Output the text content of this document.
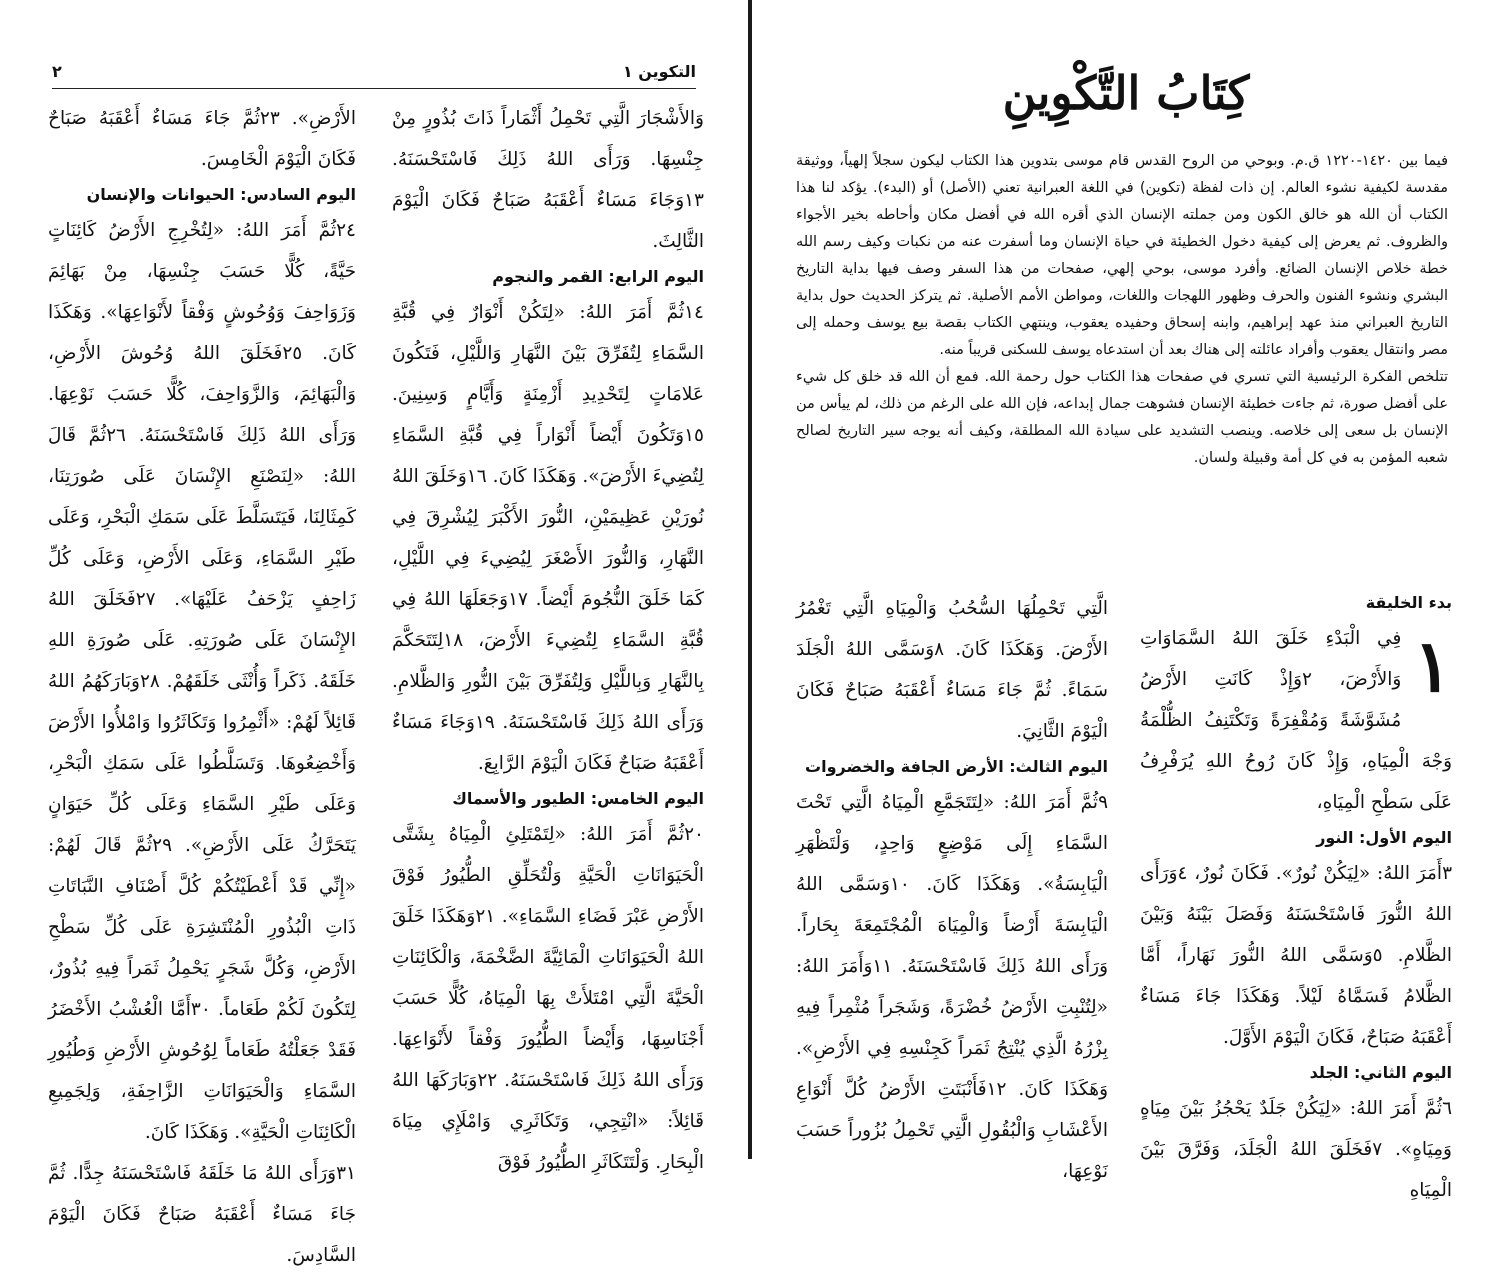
التكوين ١
٢

وَالأَشْجَارَ الَّتِي تَحْمِلُ أَثْمَاراً ذَاتَ بُذُورٍ مِنْ جِنْسِهَا. وَرَأَى اللهُ ذَلِكَ فَاسْتَحْسَنَهُ. ١٣وَجَاءَ مَسَاءٌ أَعْقَبَهُ صَبَاحٌ فَكَانَ الْيَوْمَ الثَّالِثَ.

اليوم الرابع: القمر والنجوم

١٤ثُمَّ أَمَرَ اللهُ: «لِتَكُنْ أَنْوَارٌ فِي قُبَّةِ السَّمَاءِ لِتُفَرِّقَ بَيْنَ النَّهَارِ وَاللَّيْلِ، فَتَكُونَ عَلامَاتٍ لِتَحْدِيدِ أَزْمِنَةٍ وَأَيَّامٍ وَسِنِينَ. ١٥وَتَكُونَ أَيْضاً أَنْوَاراً فِي قُبَّةِ السَّمَاءِ لِتُضِيءَ الأَرْضَ». وَهَكَذَا كَانَ. ١٦وَخَلَقَ اللهُ نُورَيْنِ عَظِيمَيْنِ، النُّورَ الأَكْبَرَ لِيُشْرِقَ فِي النَّهَارِ، وَالنُّورَ الأَصْغَرَ لِيُضِيءَ فِي اللَّيْلِ، كَمَا خَلَقَ النُّجُومَ أَيْضاً. ١٧وَجَعَلَهَا اللهُ فِي قُبَّةِ السَّمَاءِ لِتُضِيءَ الأَرْضَ، ١٨لِتَتَحَكَّمَ بِالنَّهَارِ وَبِاللَّيْلِ وَلِتُفَرِّقَ بَيْنَ النُّورِ وَالظَّلامِ. وَرَأَى اللهُ ذَلِكَ فَاسْتَحْسَنَهُ. ١٩وَجَاءَ مَسَاءٌ أَعْقَبَهُ صَبَاحٌ فَكَانَ الْيَوْمَ الرَّابِعَ.

اليوم الخامس: الطيور والأسماك

٢٠ثُمَّ أَمَرَ اللهُ: «لِتَمْتَلِئِ الْمِيَاهُ بِشَتَّى الْحَيَوَانَاتِ الْحَيَّةِ وَلْتُحَلِّقِ الطُّيُورُ فَوْقَ الأَرْضِ عَبْرَ فَضَاءِ السَّمَاءِ». ٢١وَهَكَذَا خَلَقَ اللهُ الْحَيَوَانَاتِ الْمَائِيَّةَ الضَّخْمَةَ، وَالْكَائِنَاتِ الْحَيَّةَ الَّتِي امْتَلأَتْ بِهَا الْمِيَاهُ، كُلًّا حَسَبَ أَجْنَاسِهَا، وَأَيْضاً الطُّيُورَ وَفْقاً لأَنْوَاعِهَا. وَرَأَى اللهُ ذَلِكَ فَاسْتَحْسَنَهُ. ٢٢وَبَارَكَهَا اللهُ قَائِلاً: «انْتِجِي، وَتَكَاثَرِي وَامْلَإِي مِيَاهَ الْبِحَارِ. وَلْتَتَكَاثَرِ الطُّيُورُ فَوْقَ

الأَرْضِ». ٢٣ثُمَّ جَاءَ مَسَاءٌ أَعْقَبَهُ صَبَاحٌ فَكَانَ الْيَوْمَ الْخَامِسَ.

اليوم السادس: الحيوانات والإنسان

٢٤ثُمَّ أَمَرَ اللهُ: «لِتُخْرِجِ الأَرْضُ كَائِنَاتٍ حَيَّةً، كُلًّا حَسَبَ جِنْسِهَا، مِنْ بَهَائِمَ وَزَوَاحِفَ وَوُحُوشٍ وَفْقاً لأَنْوَاعِهَا». وَهَكَذَا كَانَ. ٢٥فَخَلَقَ اللهُ وُحُوشَ الأَرْضِ، وَالْبَهَائِمَ، وَالزَّوَاحِفَ، كُلًّا حَسَبَ نَوْعِهَا. وَرَأَى اللهُ ذَلِكَ فَاسْتَحْسَنَهُ. ٢٦ثُمَّ قَالَ اللهُ: «لِنَصْنَعِ الإِنْسَانَ عَلَى صُورَتِنَا، كَمِثَالِنَا، فَيَتَسَلَّطَ عَلَى سَمَكِ الْبَحْرِ، وَعَلَى طَيْرِ السَّمَاءِ، وَعَلَى الأَرْضِ، وَعَلَى كُلِّ زَاحِفٍ يَزْحَفُ عَلَيْهَا». ٢٧فَخَلَقَ اللهُ الإِنْسَانَ عَلَى صُورَتِهِ. عَلَى صُورَةِ اللهِ خَلَقَهُ. ذَكَراً وَأُنْثَى خَلَقَهُمْ. ٢٨وَبَارَكَهُمُ اللهُ قَائِلاً لَهُمْ: «أَثْمِرُوا وَتَكَاثَرُوا وَامْلأُوا الأَرْضَ وَأَخْضِعُوهَا. وَتَسَلَّطُوا عَلَى سَمَكِ الْبَحْرِ، وَعَلَى طَيْرِ السَّمَاءِ وَعَلَى كُلِّ حَيَوَانٍ يَتَحَرَّكُ عَلَى الأَرْضِ». ٢٩ثُمَّ قَالَ لَهُمْ: «إِنِّي قَدْ أَعْطَيْتُكُمْ كُلَّ أَصْنَافِ النَّبَاتَاتِ ذَاتِ الْبُذُورِ الْمُنْتَشِرَةِ عَلَى كُلِّ سَطْحِ الأَرْضِ، وَكُلَّ شَجَرٍ يَحْمِلُ ثَمَراً فِيهِ بُذُورٌ، لِتَكُونَ لَكُمْ طَعَاماً. ٣٠أَمَّا الْعُشْبُ الأَخْضَرُ فَقَدْ جَعَلْتُهُ طَعَاماً لِوُحُوشِ الأَرْضِ وَطُيُورِ السَّمَاءِ وَالْحَيَوَانَاتِ الزَّاحِفَةِ، وَلِجَمِيعِ الْكَائِنَاتِ الْحَيَّةِ». وَهَكَذَا كَانَ.

٣١وَرَأَى اللهُ مَا خَلَقَهُ فَاسْتَحْسَنَهُ جِدًّا. ثُمَّ جَاءَ مَسَاءٌ أَعْقَبَهُ صَبَاحٌ فَكَانَ الْيَوْمَ السَّادِسَ.

كِتَابُ التَّكْوِينِ

فيما بين ١٤٢٠-١٢٢٠ ق.م. وبوحي من الروح القدس قام موسى بتدوين هذا الكتاب ليكون سجلاً إلهياً، ووثيقة مقدسة لكيفية نشوء العالم. إن ذات لفظة (تكوين) في اللغة العبرانية تعني (الأصل) أو (البدء). يؤكد لنا هذا الكتاب أن الله هو خالق الكون ومن جملته الإنسان الذي أقره الله في أفضل مكان وأحاطه بخير الأجواء والظروف. ثم يعرض إلى كيفية دخول الخطيئة في حياة الإنسان وما أسفرت عنه من نكبات وكيف رسم الله خطة خلاص الإنسان الضائع. وأفرد موسى، بوحي إلهي، صفحات من هذا السفر وصف فيها بداية التاريخ البشري ونشوء الفنون والحرف وظهور اللهجات واللغات، ومواطن الأمم الأصلية. ثم يتركز الحديث حول بداية التاريخ العبراني منذ عهد إبراهيم، وابنه إسحاق وحفيده يعقوب، وينتهي الكتاب بقصة بيع يوسف وحمله إلى مصر وانتقال يعقوب وأفراد عائلته إلى هناك بعد أن استدعاه يوسف للسكنى قريباً منه.

تتلخص الفكرة الرئيسية التي تسري في صفحات هذا الكتاب حول رحمة الله. فمع أن الله قد خلق كل شيء على أفضل صورة، ثم جاءت خطيئة الإنسان فشوهت جمال إبداعه، فإن الله على الرغم من ذلك، لم ييأس من الإنسان بل سعى إلى خلاصه. وينصب التشديد على سيادة الله المطلقة، وكيف أنه يوجه سير التاريخ لصالح شعبه المؤمن به في كل أمة وقبيلة ولسان.

بدء الخليقة

١

فِي الْبَدْءِ خَلَقَ اللهُ السَّمَاوَاتِ وَالأَرْضَ، ٢وَإِذْ كَانَتِ الأَرْضُ مُشَوَّشَةً وَمُقْفِرَةً وَتَكْتَنِفُ الظُّلْمَةُ وَجْهَ الْمِيَاهِ، وَإِذْ كَانَ رُوحُ اللهِ يُرَفْرِفُ عَلَى سَطْحِ الْمِيَاهِ،

اليوم الأول: النور

٣أَمَرَ اللهُ: «لِيَكُنْ نُورٌ». فَكَانَ نُورٌ، ٤وَرَأَى اللهُ النُّورَ فَاسْتَحْسَنَهُ وَفَصَلَ بَيْنَهُ وَبَيْنَ الظَّلامِ. ٥وَسَمَّى اللهُ النُّورَ نَهَاراً، أَمَّا الظَّلامُ فَسَمَّاهُ لَيْلاً. وَهَكَذَا جَاءَ مَسَاءٌ أَعْقَبَهُ صَبَاحٌ، فَكَانَ الْيَوْمَ الأَوَّلَ.

اليوم الثاني: الجلد

٦ثُمَّ أَمَرَ اللهُ: «لِيَكُنْ جَلَدٌ يَحْجُزُ بَيْنَ مِيَاهٍ وَمِيَاهٍ». ٧فَخَلَقَ اللهُ الْجَلَدَ، وَفَرَّقَ بَيْنَ الْمِيَاهِ

الَّتِي تَحْمِلُهَا السُّحُبُ وَالْمِيَاهِ الَّتِي تَغْمُرُ الأَرْضَ. وَهَكَذَا كَانَ. ٨وَسَمَّى اللهُ الْجَلَدَ سَمَاءً. ثُمَّ جَاءَ مَسَاءٌ أَعْقَبَهُ صَبَاحٌ فَكَانَ الْيَوْمَ الثَّانِيَ.

اليوم الثالث: الأرض الجافة والخضروات

٩ثُمَّ أَمَرَ اللهُ: «لِتَتَجَمَّعِ الْمِيَاهُ الَّتِي تَحْتَ السَّمَاءِ إِلَى مَوْضِعٍ وَاحِدٍ، وَلْتَظْهَرِ الْيَابِسَةُ». وَهَكَذَا كَانَ. ١٠وَسَمَّى اللهُ الْيَابِسَةَ أَرْضاً وَالْمِيَاهَ الْمُجْتَمِعَةَ بِحَاراً. وَرَأَى اللهُ ذَلِكَ فَاسْتَحْسَنَهُ. ١١وَأَمَرَ اللهُ: «لِتُنْبِتِ الأَرْضُ خُضْرَةً، وَشَجَراً مُثْمِراً فِيهِ بِزْرُهُ الَّذِي يُنْتِجُ ثَمَراً كَجِنْسِهِ فِي الأَرْضِ». وَهَكَذَا كَانَ. ١٢فَأَنْبَتَتِ الأَرْضُ كُلَّ أَنْوَاعِ الأَعْشَابِ وَالْبُقُولِ الَّتِي تَحْمِلُ بُزُوراً حَسَبَ نَوْعِهَا،
